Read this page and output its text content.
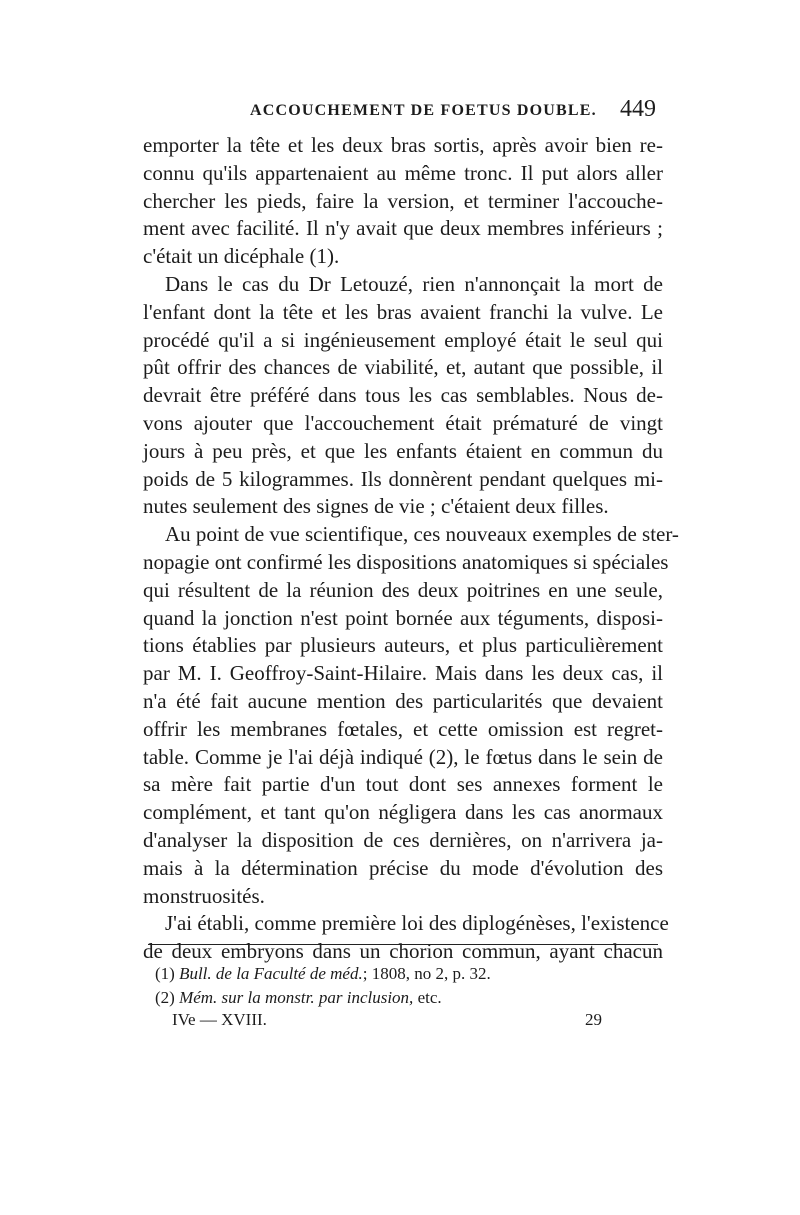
ACCOUCHEMENT DE FOETUS DOUBLE. 449
emporter la tête et les deux bras sortis, après avoir bien re-
connu qu'ils appartenaient au même tronc. Il put alors aller
chercher les pieds, faire la version, et terminer l'accouche-
ment avec facilité. Il n'y avait que deux membres inférieurs ;
c'était un dicéphale (1).
Dans le cas du Dr Letouzé, rien n'annonçait la mort de
l'enfant dont la tête et les bras avaient franchi la vulve. Le
procédé qu'il a si ingénieusement employé était le seul qui
pût offrir des chances de viabilité, et, autant que possible, il
devrait être préféré dans tous les cas semblables. Nous de-
vons ajouter que l'accouchement était prématuré de vingt
jours à peu près, et que les enfants étaient en commun du
poids de 5 kilogrammes. Ils donnèrent pendant quelques mi-
nutes seulement des signes de vie ; c'étaient deux filles.
Au point de vue scientifique, ces nouveaux exemples de ster-
nopagie ont confirmé les dispositions anatomiques si spéciales
qui résultent de la réunion des deux poitrines en une seule,
quand la jonction n'est point bornée aux téguments, disposi-
tions établies par plusieurs auteurs, et plus particulièrement
par M. I. Geoffroy-Saint-Hilaire. Mais dans les deux cas, il
n'a été fait aucune mention des particularités que devaient
offrir les membranes fœtales, et cette omission est regret-
table. Comme je l'ai déjà indiqué (2), le fœtus dans le sein de
sa mère fait partie d'un tout dont ses annexes forment le
complément, et tant qu'on négligera dans les cas anormaux
d'analyser la disposition de ces dernières, on n'arrivera ja-
mais à la détermination précise du mode d'évolution des
monstruosités.
J'ai établi, comme première loi des diplogénèses, l'existence
de deux embryons dans un chorion commun, ayant chacun
(1) Bull. de la Faculté de méd.; 1808, no 2, p. 32.
(2) Mém. sur la monstr. par inclusion, etc.
IVe — XVIII.	29
